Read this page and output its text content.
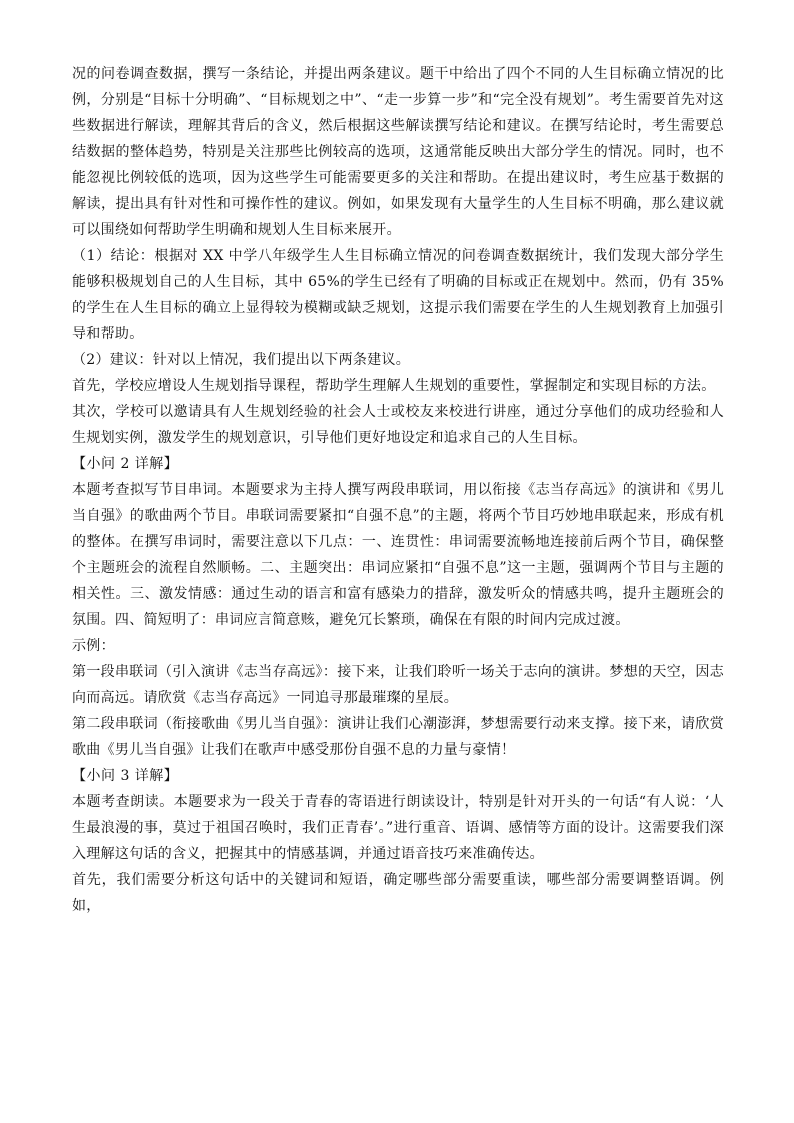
况的问卷调查数据，撰写一条结论，并提出两条建议。题干中给出了四个不同的人生目标确立情况的比例，分别是“目标十分明确”、“目标规划之中”、“走一步算一步”和“完全没有规划”。考生需要首先对这些数据进行解读，理解其背后的含义，然后根据这些解读撰写结论和建议。在撰写结论时，考生需要总结数据的整体趋势，特别是关注那些比例较高的选项，这通常能反映出大部分学生的情况。同时，也不能忽视比例较低的选项，因为这些学生可能需要更多的关注和帮助。在提出建议时，考生应基于数据的解读，提出具有针对性和可操作性的建议。例如，如果发现有大量学生的人生目标不明确，那么建议就可以围绕如何帮助学生明确和规划人生目标来展开。

（1）结论：根据对 XX 中学八年级学生人生目标确立情况的问卷调查数据统计，我们发现大部分学生能够积极规划自己的人生目标，其中 65%的学生已经有了明确的目标或正在规划中。然而，仍有 35%的学生在人生目标的确立上显得较为模糊或缺乏规划，这提示我们需要在学生的人生规划教育上加强引导和帮助。

（2）建议：针对以上情况，我们提出以下两条建议。

首先，学校应增设人生规划指导课程，帮助学生理解人生规划的重要性，掌握制定和实现目标的方法。

其次，学校可以邀请具有人生规划经验的社会人士或校友来校进行讲座，通过分享他们的成功经验和人生规划实例，激发学生的规划意识，引导他们更好地设定和追求自己的人生目标。

【小问 2 详解】

本题考查拟写节目串词。本题要求为主持人撰写两段串联词，用以衔接《志当存高远》的演讲和《男儿当自强》的歌曲两个节目。串联词需要紧扣“自强不息”的主题，将两个节目巧妙地串联起来，形成有机的整体。在撰写串词时，需要注意以下几点：一、连贯性：串词需要流畅地连接前后两个节目，确保整个主题班会的流程自然顺畅。二、主题突出：串词应紧扣“自强不息”这一主题，强调两个节目与主题的相关性。三、激发情感：通过生动的语言和富有感染力的措辞，激发听众的情感共鸣，提升主题班会的氛围。四、简短明了：串词应言简意赅，避免冗长繁琐，确保在有限的时间内完成过渡。

示例：

第一段串联词（引入演讲《志当存高远》：接下来，让我们聆听一场关于志向的演讲。梦想的天空，因志向而高远。请欣赏《志当存高远》一同追寻那最璀璨的星辰。

第二段串联词（衔接歌曲《男儿当自强》：演讲让我们心潮澎湃，梦想需要行动来支撑。接下来，请欣赏歌曲《男儿当自强》让我们在歌声中感受那份自强不息的力量与豪情！

【小问 3 详解】

本题考查朗读。本题要求为一段关于青春的寄语进行朗读设计，特别是针对开头的一句话“有人说：‘人生最浪漫的事，莫过于祖国召唤时，我们正青春’。”进行重音、语调、感情等方面的设计。这需要我们深入理解这句话的含义，把握其中的情感基调，并通过语音技巧来准确传达。

首先，我们需要分析这句话中的关键词和短语，确定哪些部分需要重读，哪些部分需要调整语调。例如，
